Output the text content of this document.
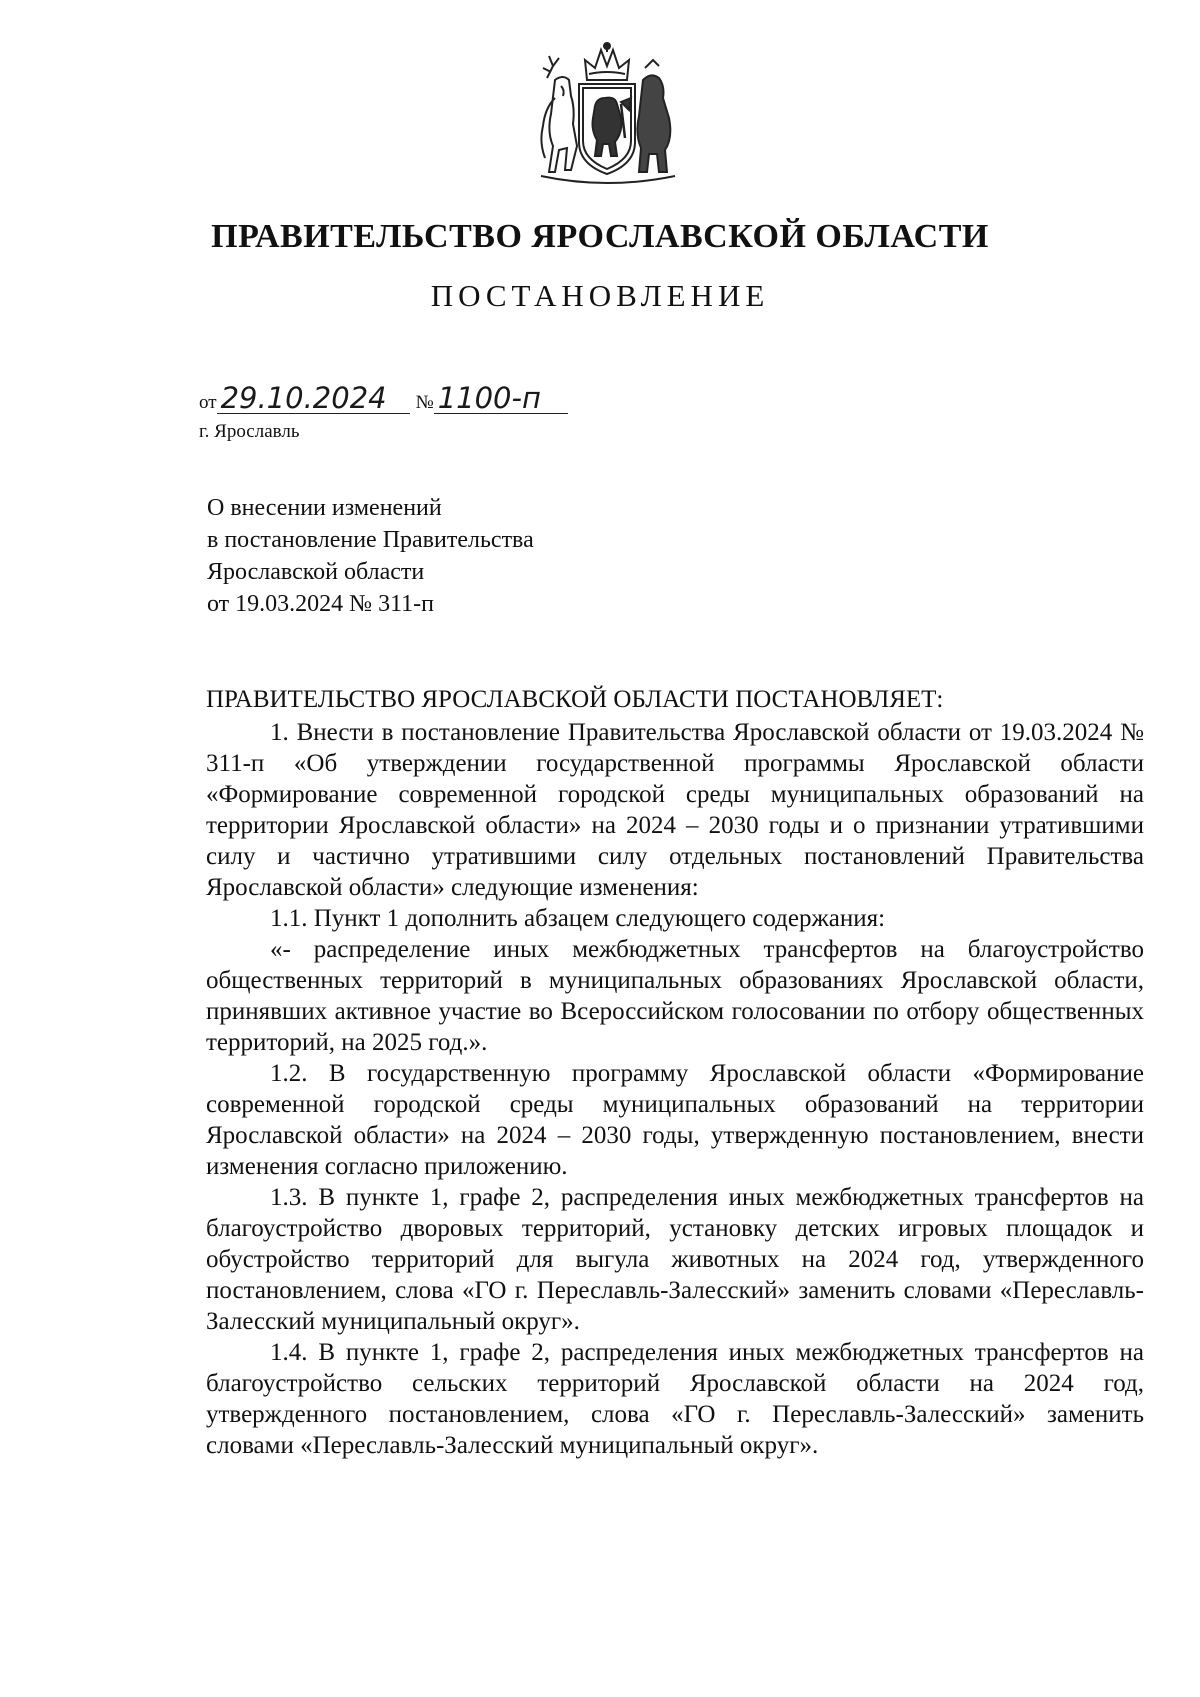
ПРАВИТЕЛЬСТВО ЯРОСЛАВСКОЙ ОБЛАСТИ
ПОСТАНОВЛЕНИЕ
от 29.10.2024	№ 1100-п
г. Ярославль
О внесении изменений
в постановление Правительства
Ярославской области
от 19.03.2024 № 311-п

ПРАВИТЕЛЬСТВО ЯРОСЛАВСКОЙ ОБЛАСТИ ПОСТАНОВЛЯЕТ:

1. Внести в постановление Правительства Ярославской области от 19.03.2024 № 311-п «Об утверждении государственной программы Ярославской области «Формирование современной городской среды муниципальных образований на территории Ярославской области» на 2024 – 2030 годы и о признании утратившими силу и частично утратившими силу отдельных постановлений Правительства Ярославской области» следующие изменения:

1.1. Пункт 1 дополнить абзацем следующего содержания:

«- распределение иных межбюджетных трансфертов на благоустройство общественных территорий в муниципальных образованиях Ярославской области, принявших активное участие во Всероссийском голосовании по отбору общественных территорий, на 2025 год.».

1.2. В государственную программу Ярославской области «Формирование современной городской среды муниципальных образований на территории Ярославской области» на 2024 – 2030 годы, утвержденную постановлением, внести изменения согласно приложению.

1.3. В пункте 1, графе 2, распределения иных межбюджетных трансфертов на благоустройство дворовых территорий, установку детских игровых площадок и обустройство территорий для выгула животных на 2024 год, утвержденного постановлением, слова «ГО г. Переславль-Залесский» заменить словами «Переславль-Залесский муниципальный округ».

1.4. В пункте 1, графе 2, распределения иных межбюджетных трансфертов на благоустройство сельских территорий Ярославской области на 2024 год, утвержденного постановлением, слова «ГО г. Переславль-Залесский» заменить словами «Переславль-Залесский муниципальный округ».
